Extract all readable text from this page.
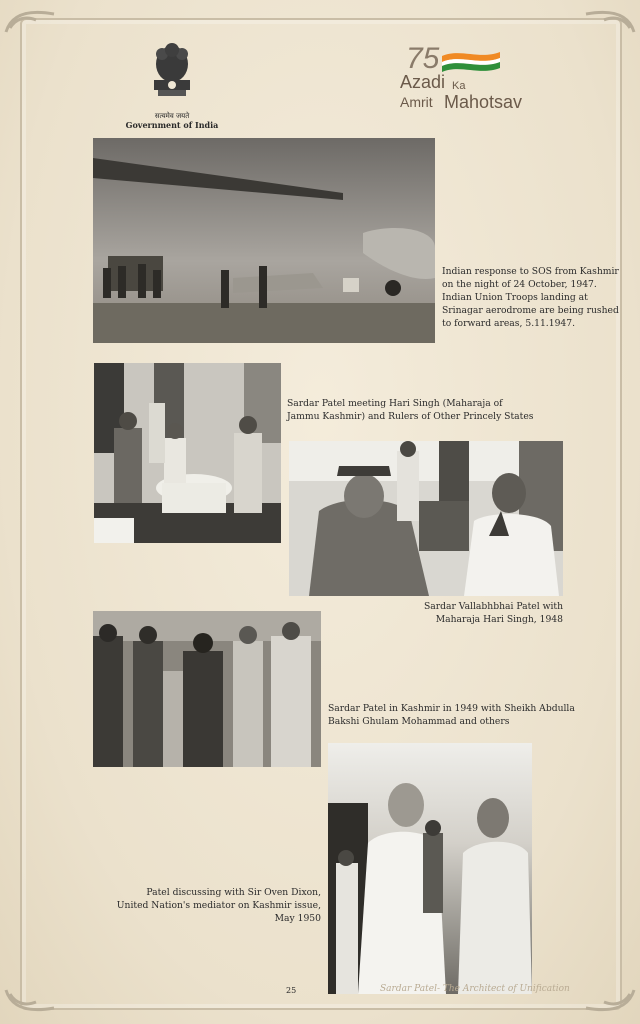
सत्यमेव जयते
Government of India
75
Azadi Ka
Amrit Mahotsav
Indian response to SOS from Kashmir on the night of 24 October, 1947. Indian Union Troops landing at Srinagar aerodrome are being rushed to forward areas, 5.11.1947.
Sardar Patel meeting Hari Singh (Maharaja of Jammu Kashmir) and Rulers of Other Princely States
Sardar Vallabhbhai Patel with Maharaja Hari Singh, 1948
Sardar Patel in Kashmir in 1949 with Sheikh Abdulla Bakshi Ghulam Mohammad and others
Patel discussing with Sir Oven Dixon, United Nation's mediator on Kashmir issue, May 1950
25	Sardar Patel- The Architect of Unification
